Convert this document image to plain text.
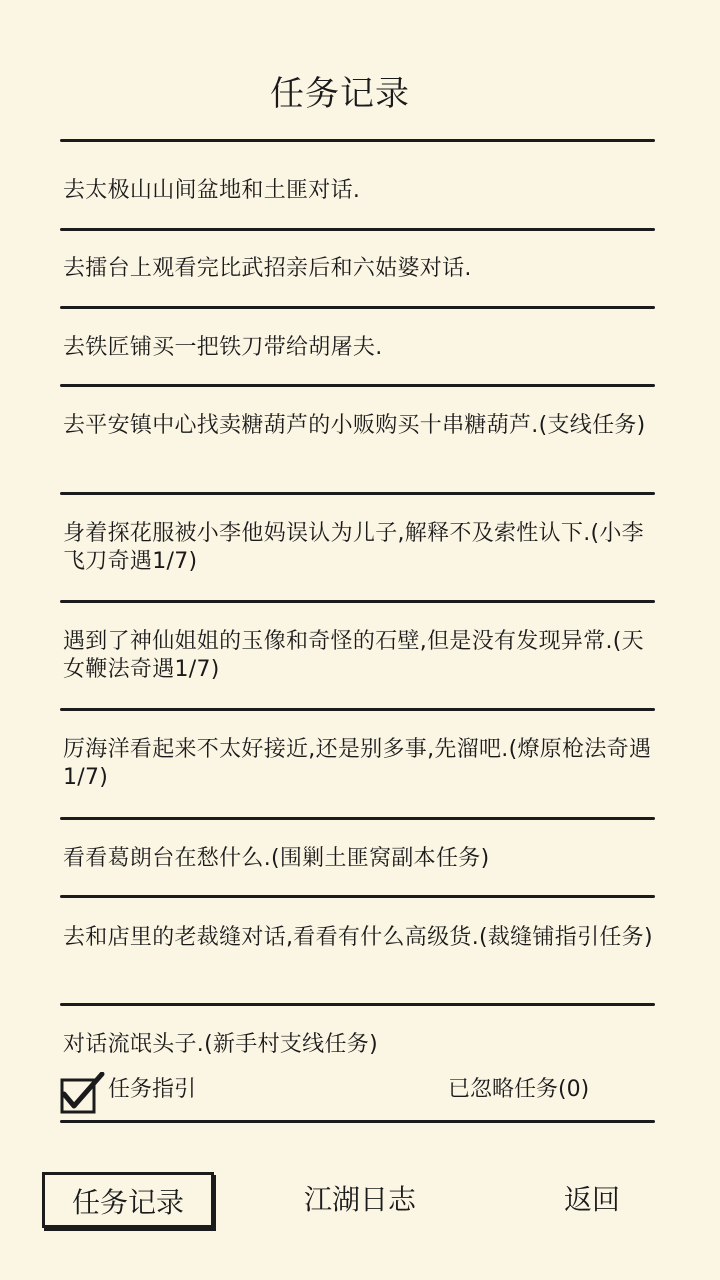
任务记录
去太极山山间盆地和土匪对话.
去擂台上观看完比武招亲后和六姑婆对话.
去铁匠铺买一把铁刀带给胡屠夫.
去平安镇中心找卖糖葫芦的小贩购买十串糖葫芦.(支线任务)
身着探花服被小李他妈误认为儿子,解释不及索性认下.(小李飞刀奇遇1/7)
遇到了神仙姐姐的玉像和奇怪的石壁,但是没有发现异常.(天女鞭法奇遇1/7)
厉海洋看起来不太好接近,还是别多事,先溜吧.(燎原枪法奇遇1/7)
看看葛朗台在愁什么.(围剿土匪窝副本任务)
去和店里的老裁缝对话,看看有什么高级货.(裁缝铺指引任务)
对话流氓头子.(新手村支线任务)
任务指引	已忽略任务(0)
任务记录	江湖日志	返回
